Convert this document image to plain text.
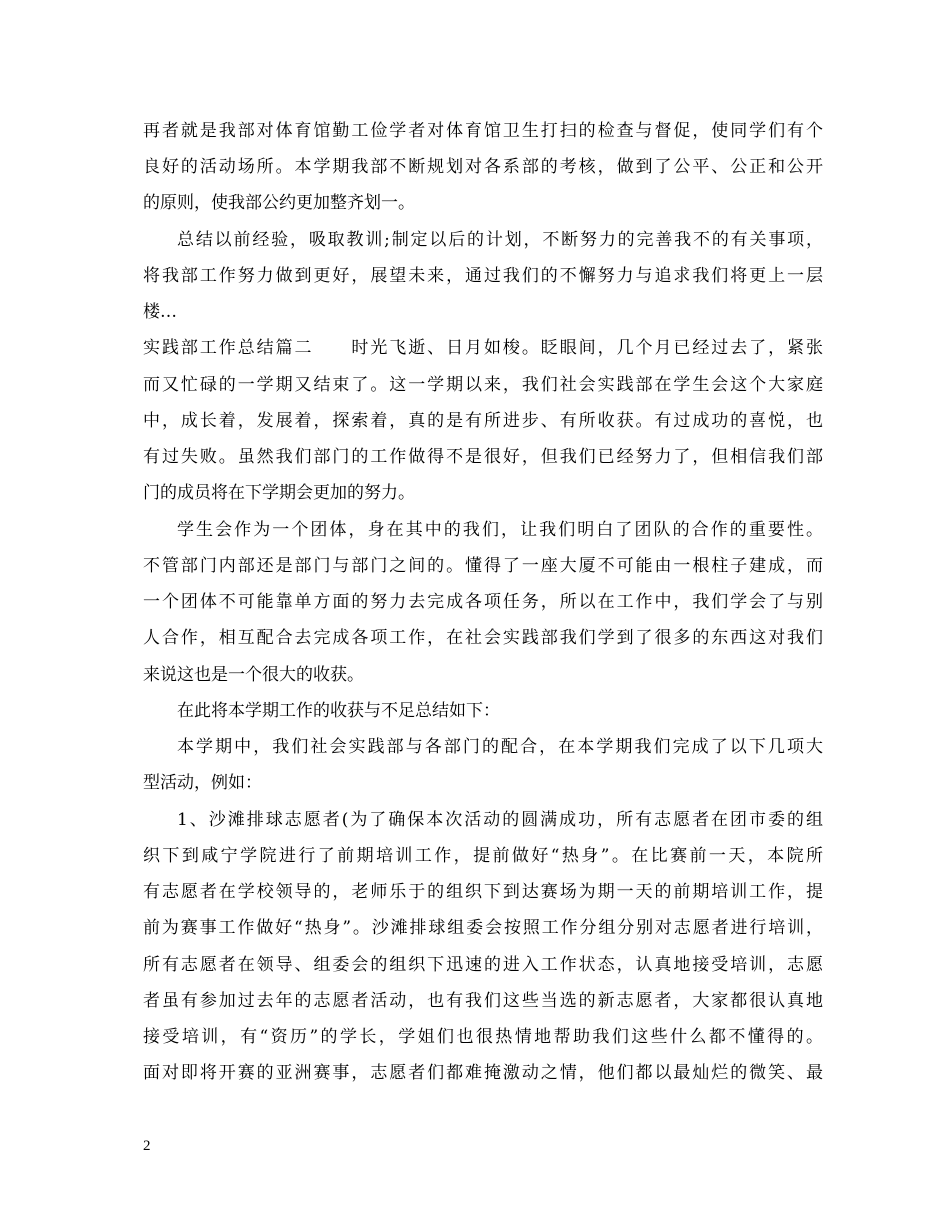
再者就是我部对体育馆勤工俭学者对体育馆卫生打扫的检查与督促，使同学们有个
良好的活动场所。本学期我部不断规划对各系部的考核，做到了公平、公正和公开
的原则，使我部公约更加整齐划一。
总结以前经验，吸取教训;制定以后的计划，不断努力的完善我不的有关事项，
将我部工作努力做到更好，展望未来，通过我们的不懈努力与追求我们将更上一层
楼…
实践部工作总结篇二　　时光飞逝、日月如梭。眨眼间，几个月已经过去了，紧张
而又忙碌的一学期又结束了。这一学期以来，我们社会实践部在学生会这个大家庭
中，成长着，发展着，探索着，真的是有所进步、有所收获。有过成功的喜悦，也
有过失败。虽然我们部门的工作做得不是很好，但我们已经努力了，但相信我们部
门的成员将在下学期会更加的努力。
学生会作为一个团体，身在其中的我们，让我们明白了团队的合作的重要性。
不管部门内部还是部门与部门之间的。懂得了一座大厦不可能由一根柱子建成，而
一个团体不可能靠单方面的努力去完成各项任务，所以在工作中，我们学会了与别
人合作，相互配合去完成各项工作，在社会实践部我们学到了很多的东西这对我们
来说这也是一个很大的收获。
在此将本学期工作的收获与不足总结如下：
本学期中，我们社会实践部与各部门的配合，在本学期我们完成了以下几项大
型活动，例如：
1、沙滩排球志愿者(为了确保本次活动的圆满成功，所有志愿者在团市委的组
织下到咸宁学院进行了前期培训工作，提前做好“热身”。在比赛前一天，本院所
有志愿者在学校领导的，老师乐于的组织下到达赛场为期一天的前期培训工作，提
前为赛事工作做好“热身”。沙滩排球组委会按照工作分组分别对志愿者进行培训，
所有志愿者在领导、组委会的组织下迅速的进入工作状态，认真地接受培训，志愿
者虽有参加过去年的志愿者活动，也有我们这些当选的新志愿者，大家都很认真地
接受培训，有“资历”的学长，学姐们也很热情地帮助我们这些什么都不懂得的。
面对即将开赛的亚洲赛事，志愿者们都难掩激动之情，他们都以最灿烂的微笑、最
2
